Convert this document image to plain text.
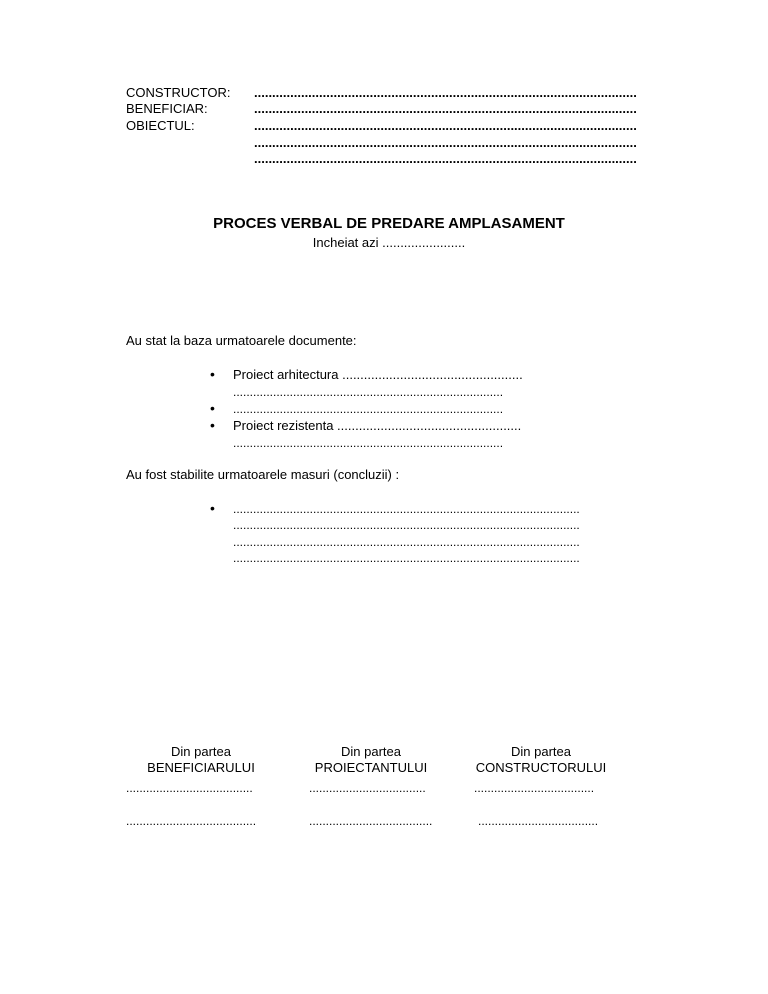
CONSTRUCTOR: ..........................................................................................................
BENEFICIAR:	..........................................................................................................
OBIECTUL:	..........................................................................................................
..........................................................................................................
..........................................................................................................
PROCES VERBAL DE PREDARE AMPLASAMENT
Incheiat azi .......................
Au stat la baza urmatoarele documente:
• Proiect arhitectura ..................................................
.................................................................................
• .................................................................................
• Proiect rezistenta ...................................................
.................................................................................
Au fost stabilite urmatoarele masuri (concluzii) :
• ........................................................................................................
........................................................................................................
........................................................................................................
........................................................................................................
Din partea
BENEFICIARULUI
......................................
.......................................
Din partea
PROIECTANTULUI
...................................
.....................................
Din partea
CONSTRUCTORULUI
....................................
....................................
